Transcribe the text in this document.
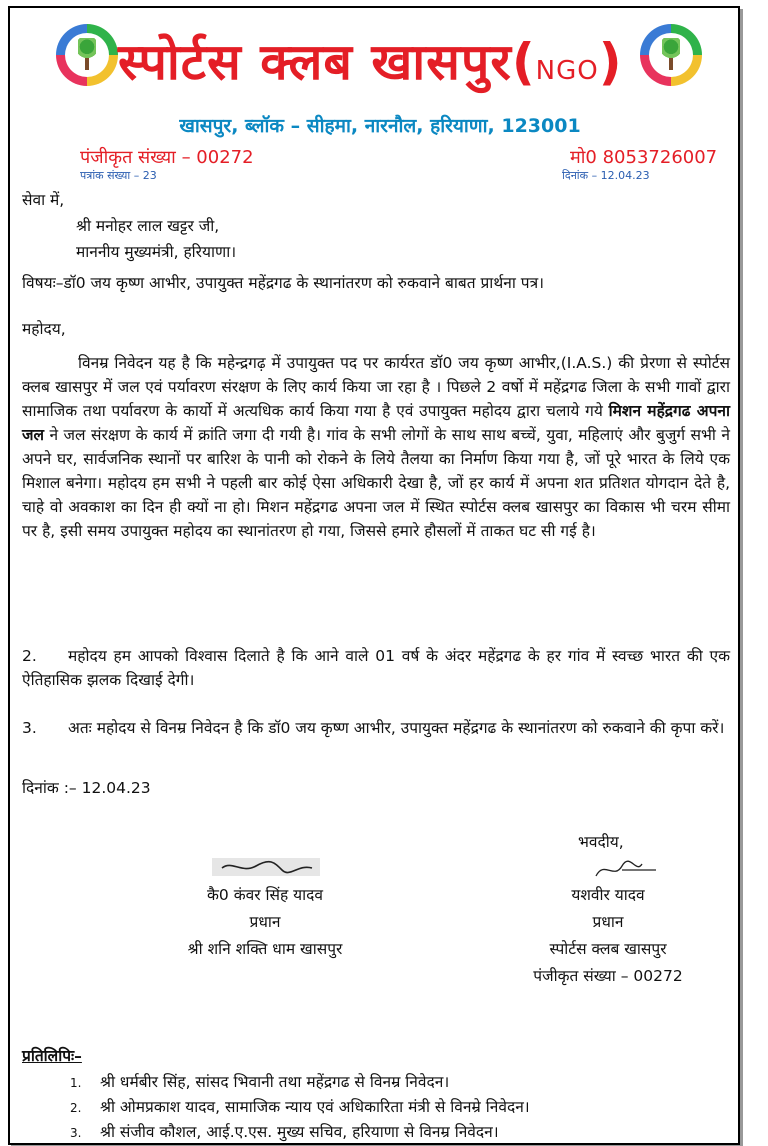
स्पोर्टस क्लब खासपुर(NGO)
खासपुर, ब्लॉक – सीहमा, नारनौल, हरियाणा, 123001
पंजीकृत संख्या – 00272	मो0 8053726007
पत्रांक संख्या – 23	दिनांक – 12.04.23
सेवा में,
श्री मनोहर लाल खट्टर जी,
माननीय मुख्यमंत्री, हरियाणा।
विषयः–डॉ0 जय कृष्ण आभीर, उपायुक्त महेंद्रगढ के स्थानांतरण को रुकवाने बाबत प्रार्थना पत्र।
महोदय,
विनम्र निवेदन यह है कि महेन्द्रगढ़ में उपायुक्त पद पर कार्यरत डॉ0 जय कृष्ण आभीर,(I.A.S.) की प्रेरणा से स्पोर्टस क्लब खासपुर में जल एवं पर्यावरण संरक्षण के लिए कार्य किया जा रहा है । पिछले 2 वर्षो में महेंद्रगढ जिला के सभी गावों द्वारा सामाजिक तथा पर्यावरण के कार्यो में अत्यधिक कार्य किया गया है एवं उपायुक्त महोदय द्वारा चलाये गये मिशन महेंद्रगढ अपना जल ने जल संरक्षण के कार्य में क्रांति जगा दी गयी है। गांव के सभी लोगों के साथ साथ बच्चें, युवा, महिलाएं और बुजुर्ग सभी ने अपने घर, सार्वजनिक स्थानों पर बारिश के पानी को रोकने के लिये तैलया का निर्माण किया गया है, जों पूरे भारत के लिये एक मिशाल बनेगा। महोदय हम सभी ने पहली बार कोई ऐसा अधिकारी देखा है, जों हर कार्य में अपना शत प्रतिशत योगदान देते है, चाहे वो अवकाश का दिन ही क्यों ना हो। मिशन महेंद्रगढ अपना जल में स्थित स्पोर्टस क्लब खासपुर का विकास भी चरम सीमा पर है, इसी समय उपायुक्त महोदय का स्थानांतरण हो गया, जिससे हमारे हौसलों में ताकत घट सी गई है।
2. महोदय हम आपको विश्वास दिलाते है कि आने वाले 01 वर्ष के अंदर महेंद्रगढ के हर गांव में स्वच्छ भारत की एक ऐतिहासिक झलक दिखाई देगी।
3. अतः महोदय से विनम्र निवेदन है कि डॉ0 जय कृष्ण आभीर, उपायुक्त महेंद्रगढ के स्थानांतरण को रुकवाने की कृपा करें।
दिनांक :– 12.04.23
भवदीय,
कै0 कंवर सिंह यादव
प्रधान
श्री शनि शक्ति धाम खासपुर
यशवीर यादव
प्रधान
स्पोर्टस क्लब खासपुर
पंजीकृत संख्या – 00272
प्रतिलिपिः–
1. श्री धर्मबीर सिंह, सांसद भिवानी तथा महेंद्रगढ से विनम्र निवेदन।
2. श्री ओमप्रकाश यादव, सामाजिक न्याय एवं अधिकारिता मंत्री से विनम्रे निवेदन।
3. श्री संजीव कौशल, आई.ए.एस. मुख्य सचिव, हरियाणा से विनम्र निवेदन।
